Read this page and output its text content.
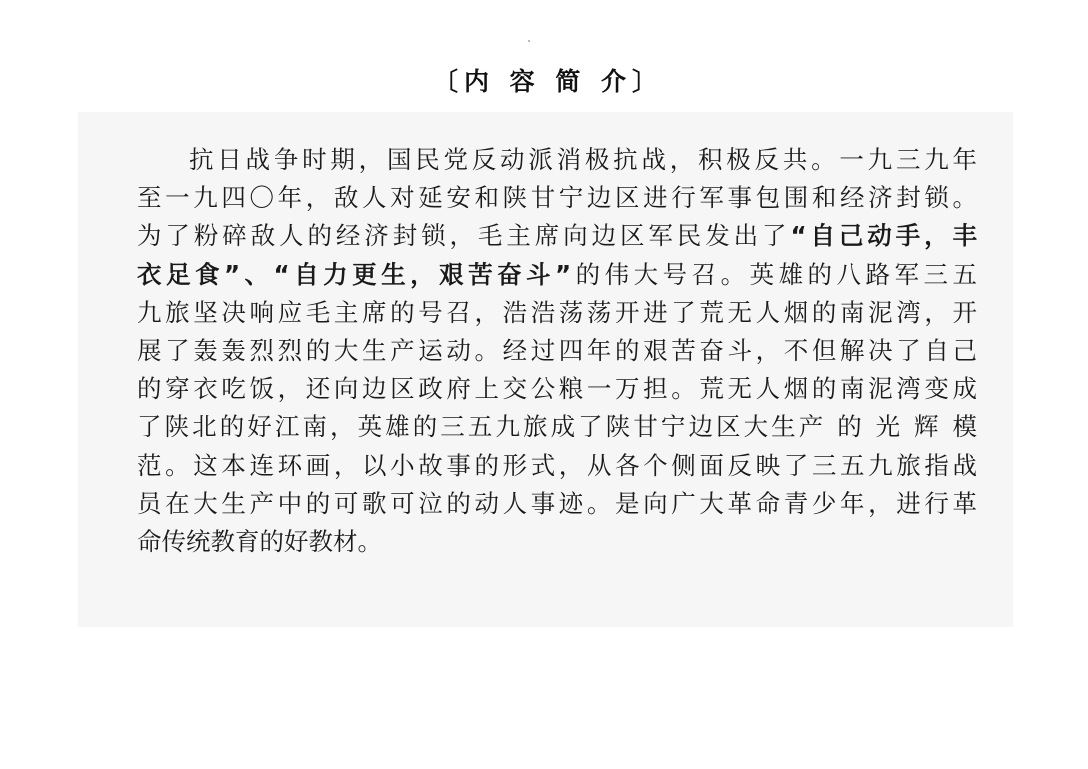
〔内 容 简 介〕
抗日战争时期，国民党反动派消极抗战，积极反共。一九三九年
至一九四〇年，敌人对延安和陕甘宁边区进行军事包围和经济封锁。
为了粉碎敌人的经济封锁，毛主席向边区军民发出了“自己动手，丰
衣足食”、“自力更生，艰苦奋斗”的伟大号召。英雄的八路军三五
九旅坚决响应毛主席的号召，浩浩荡荡开进了荒无人烟的南泥湾，开
展了轰轰烈烈的大生产运动。经过四年的艰苦奋斗，不但解决了自己
的穿衣吃饭，还向边区政府上交公粮一万担。荒无人烟的南泥湾变成
了陕北的好江南，英雄的三五九旅成了陕甘宁边区大生产 的 光 辉 模
范。这本连环画，以小故事的形式，从各个侧面反映了三五九旅指战
员在大生产中的可歌可泣的动人事迹。是向广大革命青少年，进行革
命传统教育的好教材。
